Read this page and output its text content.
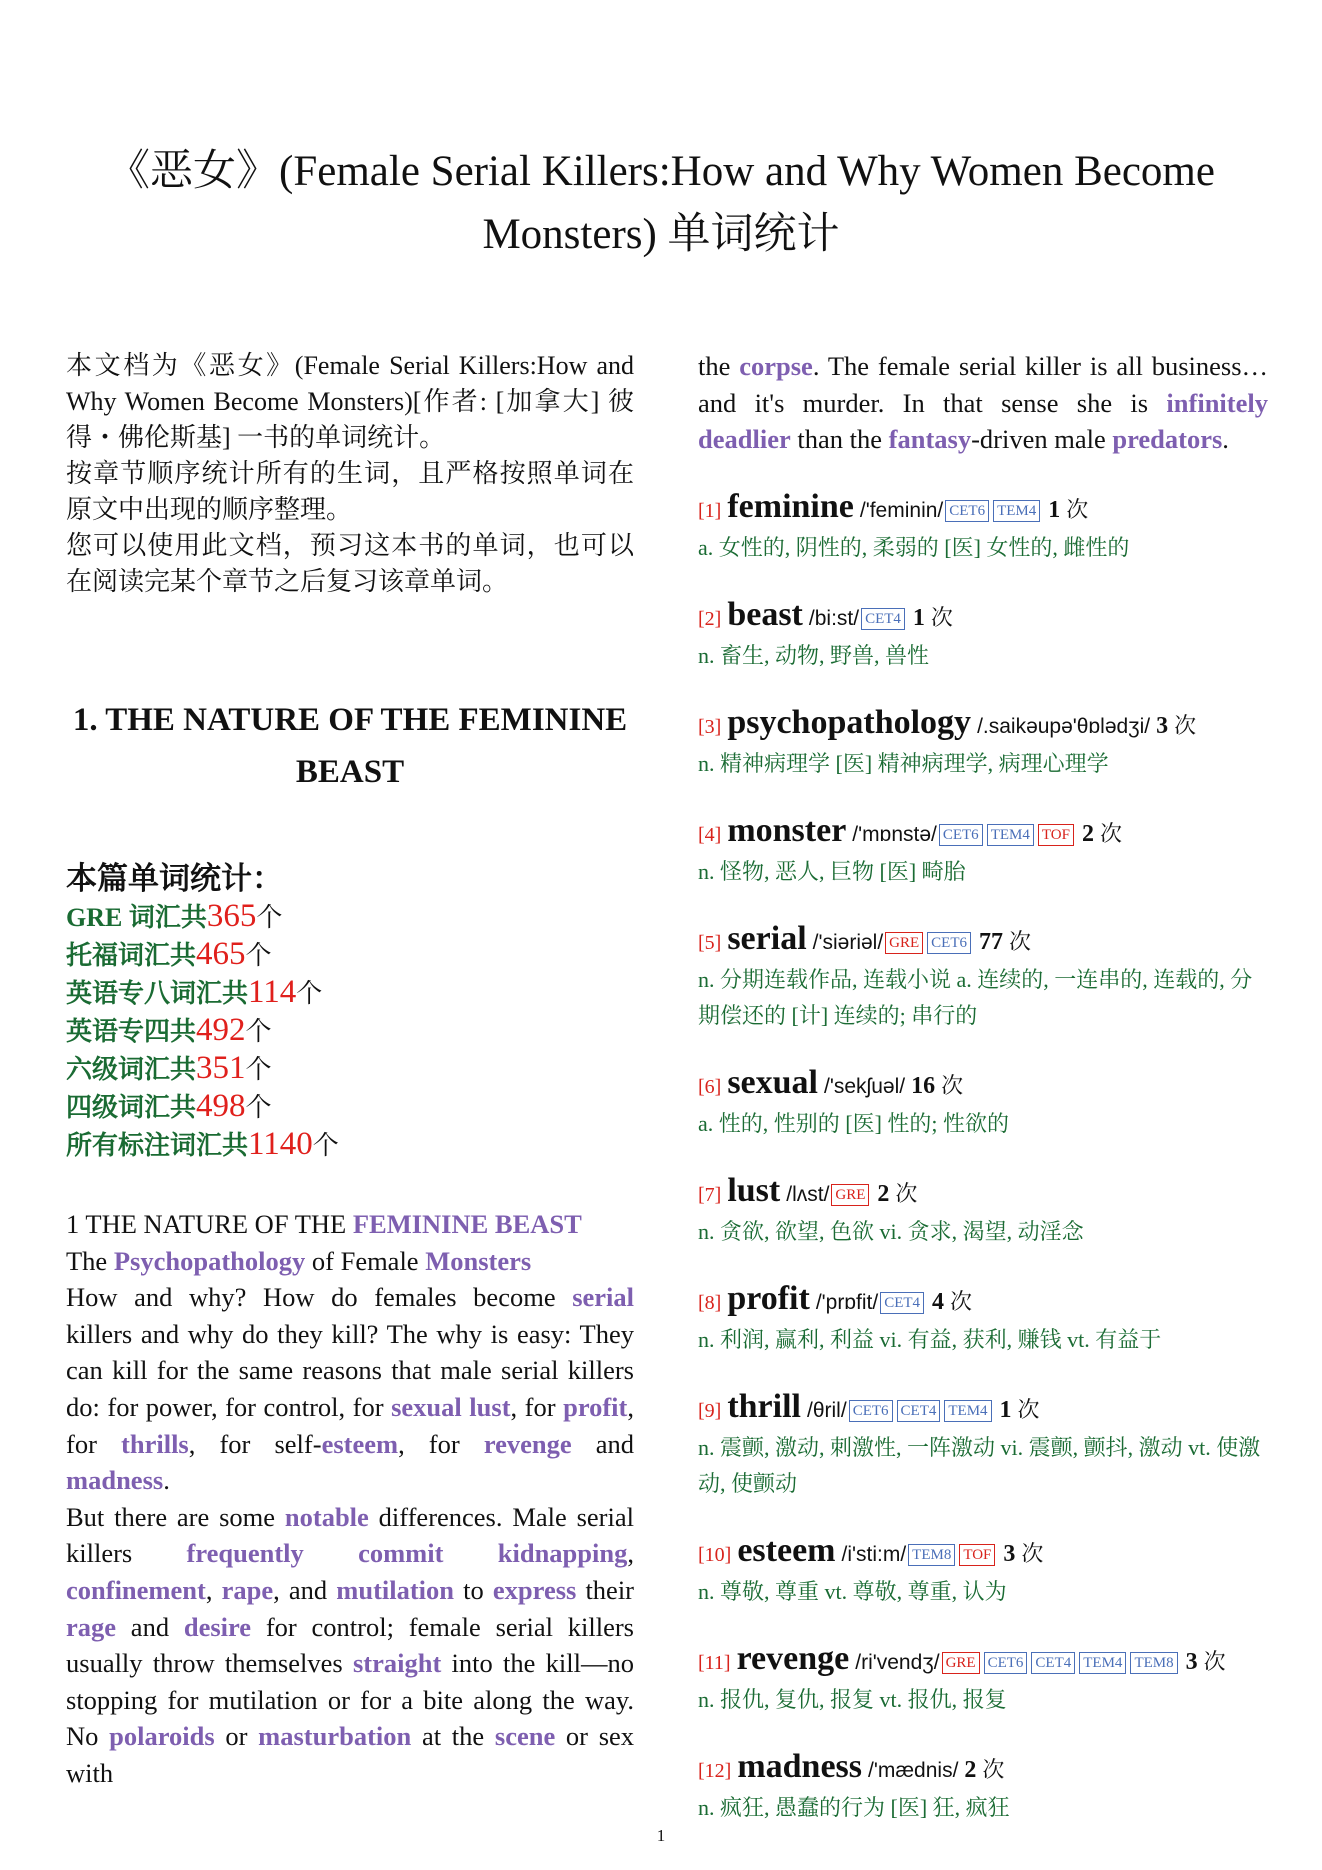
《恶女》(Female Serial Killers:How and Why Women Become Monsters) 单词统计

本文档为《恶女》(Female Serial Killers:How and Why Women Become Monsters)[作者: [加拿大] 彼得・佛伦斯基] 一书的单词统计。

按章节顺序统计所有的生词，且严格按照单词在原文中出现的顺序整理。

您可以使用此文档，预习这本书的单词，也可以在阅读完某个章节之后复习该章单词。

1. THE NATURE OF THE FEMININE BEAST
本篇单词统计：
GRE 词汇共365个
托福词汇共465个
英语专八词汇共114个
英语专四共492个
六级词汇共351个
四级词汇共498个
所有标注词汇共1140个

1 THE NATURE OF THE FEMININE BEAST

The Psychopathology of Female Monsters

How and why? How do females become serial killers and why do they kill? The why is easy: They can kill for the same reasons that male serial killers do: for power, for control, for sexual lust, for profit, for thrills, for self-esteem, for revenge and madness.

But there are some notable differences. Male serial killers frequently commit kidnapping, confinement, rape, and mutilation to express their rage and desire for control; female serial killers usually throw themselves straight into the kill—no stopping for mutilation or for a bite along the way. No polaroids or masturbation at the scene or sex with

the corpse. The female serial killer is all business…and it's murder. In that sense she is infinitely deadlier than the fantasy-driven male predators.

[1] feminine /'feminin/ CET6 TEM4 1 次
a. 女性的, 阴性的, 柔弱的 [医] 女性的, 雌性的
[2] beast /bi:st/ CET4 1 次
n. 畜生, 动物, 野兽, 兽性
[3] psychopathology /.saikəupə'θɒlədʒi/ 3 次
n. 精神病理学 [医] 精神病理学, 病理心理学
[4] monster /'mɒnstə/ CET6 TEM4 TOF 2 次
n. 怪物, 恶人, 巨物 [医] 畸胎
[5] serial /'siəriəl/ GRE CET6 77 次
n. 分期连载作品, 连载小说 a. 连续的, 一连串的, 连载的, 分期偿还的 [计] 连续的; 串行的
[6] sexual /'sekʃuəl/ 16 次
a. 性的, 性别的 [医] 性的; 性欲的
[7] lust /lʌst/ GRE 2 次
n. 贪欲, 欲望, 色欲 vi. 贪求, 渴望, 动淫念
[8] profit /'prɒfit/ CET4 4 次
n. 利润, 赢利, 利益 vi. 有益, 获利, 赚钱 vt. 有益于
[9] thrill /θril/ CET6 CET4 TEM4 1 次
n. 震颤, 激动, 刺激性, 一阵激动 vi. 震颤, 颤抖, 激动 vt. 使激动, 使颤动
[10] esteem /i'sti:m/ TEM8 TOF 3 次
n. 尊敬, 尊重 vt. 尊敬, 尊重, 认为
[11] revenge /ri'vendʒ/ GRE CET6 CET4 TEM4 TEM8 3 次
n. 报仇, 复仇, 报复 vt. 报仇, 报复
[12] madness /'mædnis/ 2 次
n. 疯狂, 愚蠢的行为 [医] 狂, 疯狂
1
